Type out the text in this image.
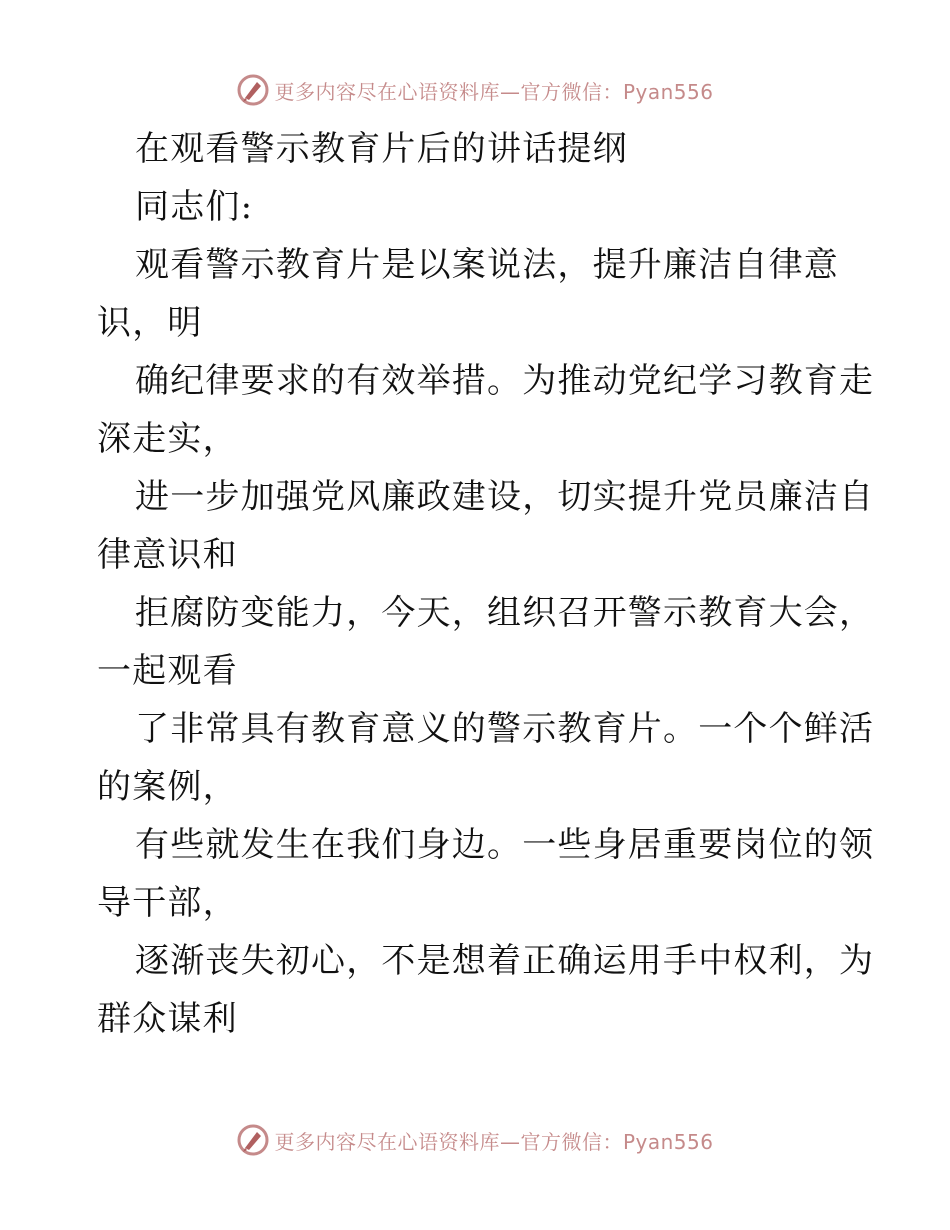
更多内容尽在心语资料库—官方微信：Pyan556
在观看警示教育片后的讲话提纲
同志们:
观看警示教育片是以案说法，提升廉洁自律意
识，明
确纪律要求的有效举措。为推动党纪学习教育走
深走实，
进一步加强党风廉政建设，切实提升党员廉洁自
律意识和
拒腐防变能力，今天，组织召开警示教育大会，
一起观看
了非常具有教育意义的警示教育片。一个个鲜活
的案例，
有些就发生在我们身边。一些身居重要岗位的领
导干部，
逐渐丧失初心，不是想着正确运用手中权利，为
群众谋利
更多内容尽在心语资料库—官方微信：Pyan556
